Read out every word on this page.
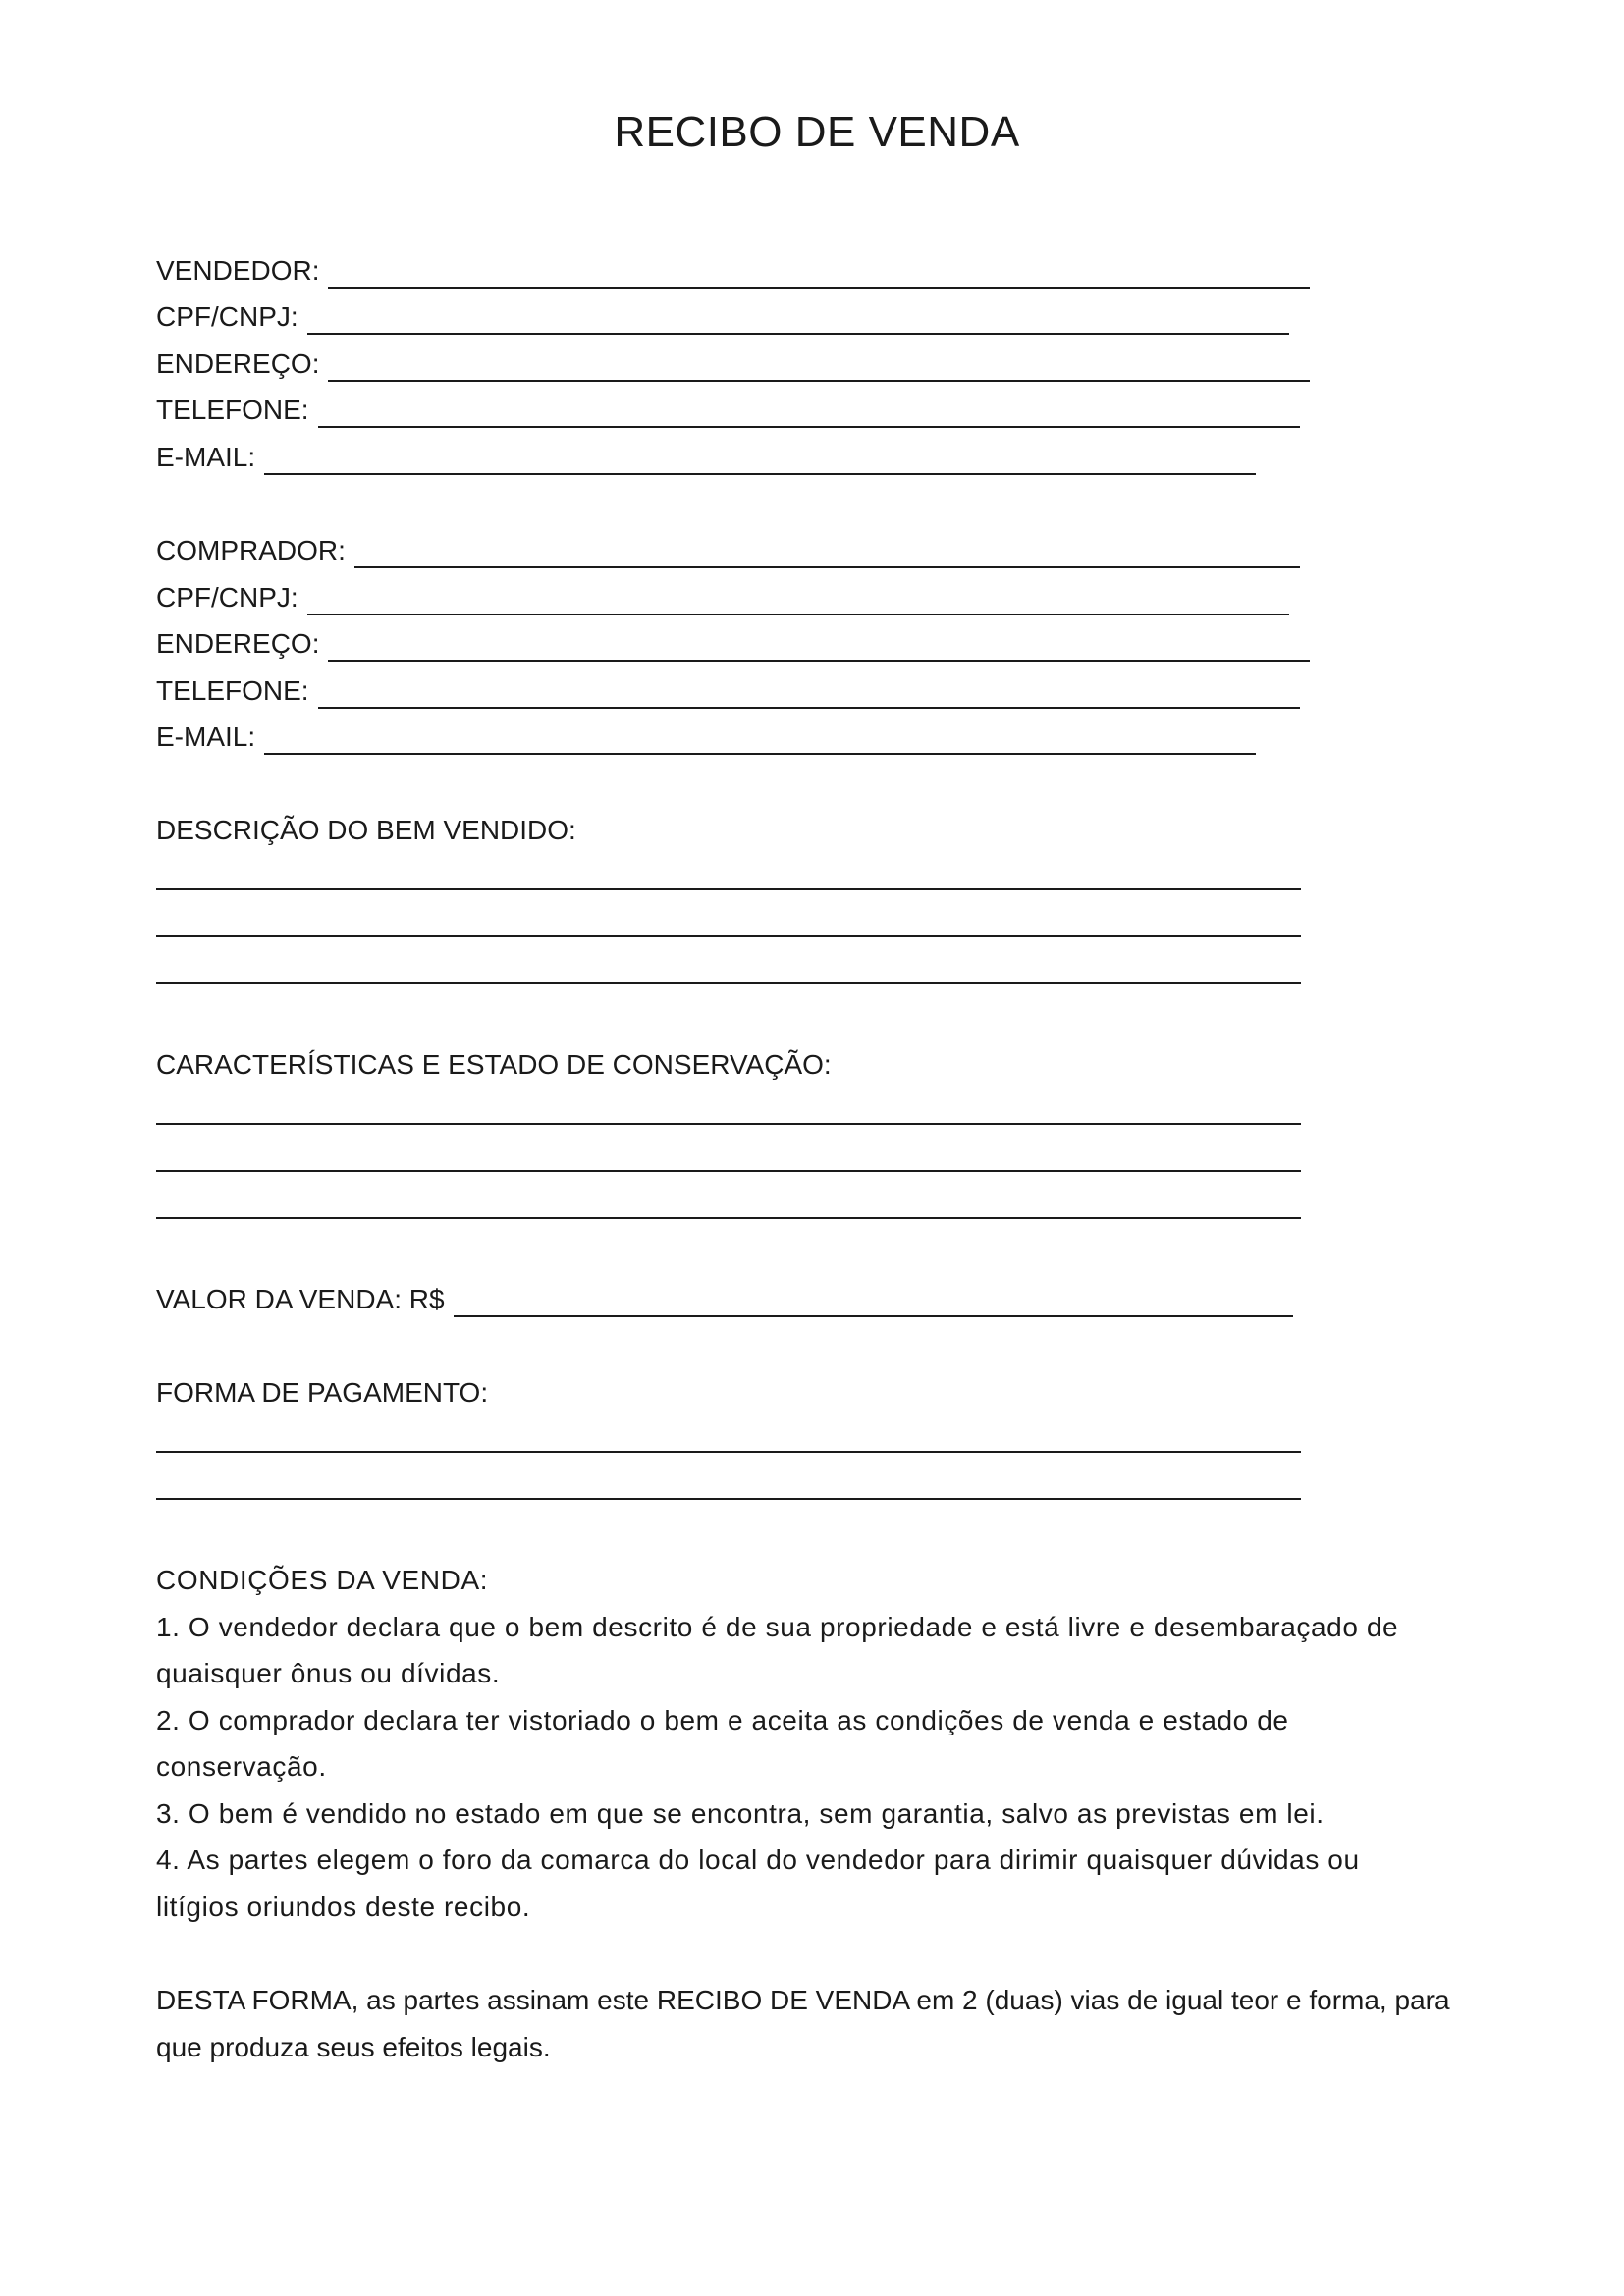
RECIBO DE VENDA
VENDEDOR:
CPF/CNPJ:
ENDEREÇO:
TELEFONE:
E-MAIL:
COMPRADOR:
CPF/CNPJ:
ENDEREÇO:
TELEFONE:
E-MAIL:
DESCRIÇÃO DO BEM VENDIDO:
CARACTERÍSTICAS E ESTADO DE CONSERVAÇÃO:
VALOR DA VENDA: R$
FORMA DE PAGAMENTO:

CONDIÇÕES DA VENDA:

1. O vendedor declara que o bem descrito é de sua propriedade e está livre e desembaraçado de quaisquer ônus ou dívidas.

2. O comprador declara ter vistoriado o bem e aceita as condições de venda e estado de conservação.

3. O bem é vendido no estado em que se encontra, sem garantia, salvo as previstas em lei.

4. As partes elegem o foro da comarca do local do vendedor para dirimir quaisquer dúvidas ou litígios oriundos deste recibo.

DESTA FORMA, as partes assinam este RECIBO DE VENDA em 2 (duas) vias de igual teor e forma, para que produza seus efeitos legais.
